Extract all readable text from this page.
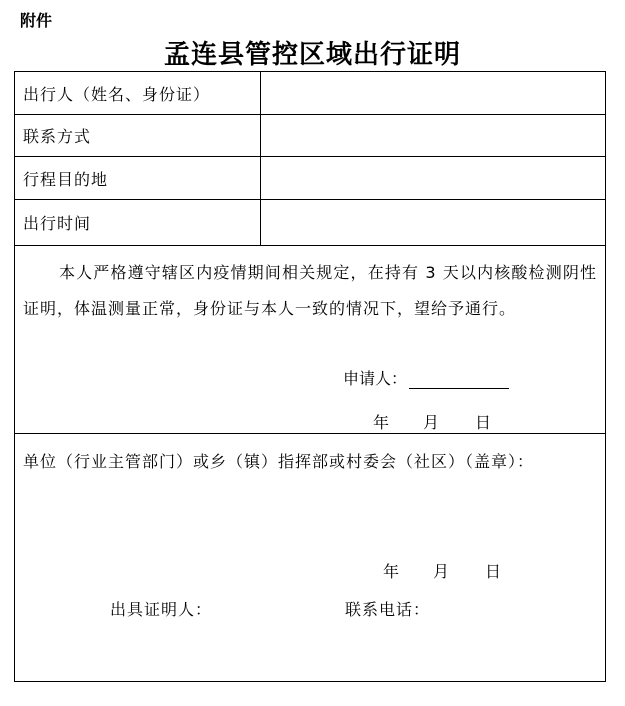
附件
孟连县管控区域出行证明
出行人（姓名、身份证）
联系方式
行程目的地
出行时间
本人严格遵守辖区内疫情期间相关规定，在持有 3 天以内核酸检测阴性证明，体温测量正常，身份证与本人一致的情况下，望给予通行。
申请人：
年 月 日
单位（行业主管部门）或乡（镇）指挥部或村委会（社区）（盖章）：
年 月 日
出具证明人：	联系电话：
